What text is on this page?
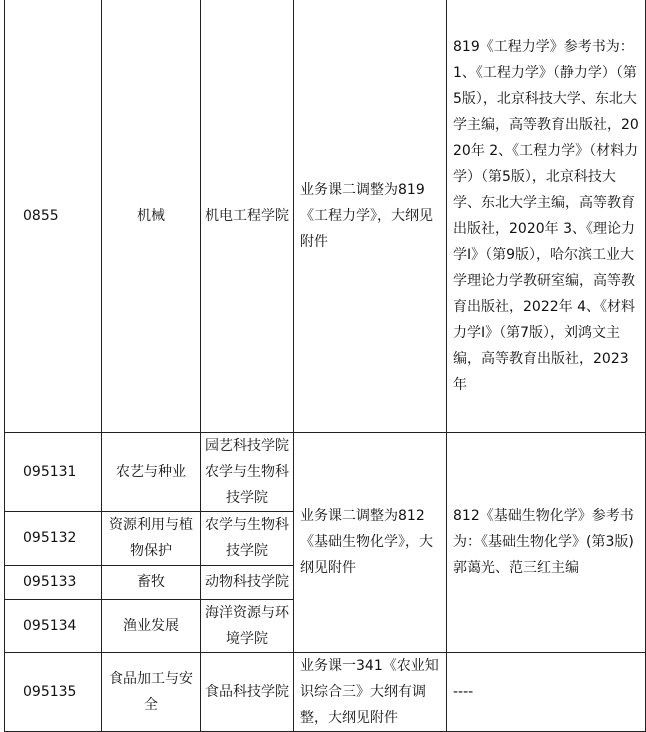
0855	机械	机电工程学院	业务课二调整为819《工程力学》，大纲见附件	819《工程力学》参考书为：1、《工程力学》（静力学）（第5版），北京科技大学、东北大学主编，高等教育出版社，2020年 2、《工程力学》（材料力学）（第5版），北京科技大学、东北大学主编，高等教育出版社，2020年 3、《理论力学I》（第9版），哈尔滨工业大学理论力学教研室编，高等教育出版社，2022年 4、《材料力学I》（第7版），刘鸿文主编，高等教育出版社，2023年
095131	农艺与种业	园艺科技学院 农学与生物科技学院	业务课二调整为812《基础生物化学》，大纲见附件	812《基础生物化学》参考书为：《基础生物化学》(第3版)郭蔼光、范三红主编
095132	资源利用与植物保护	农学与生物科技学院		
095133	畜牧	动物科技学院		
095134	渔业发展	海洋资源与环境学院		
095135	食品加工与安全	食品科技学院	业务课一341《农业知识综合三》大纲有调整，大纲见附件	----
